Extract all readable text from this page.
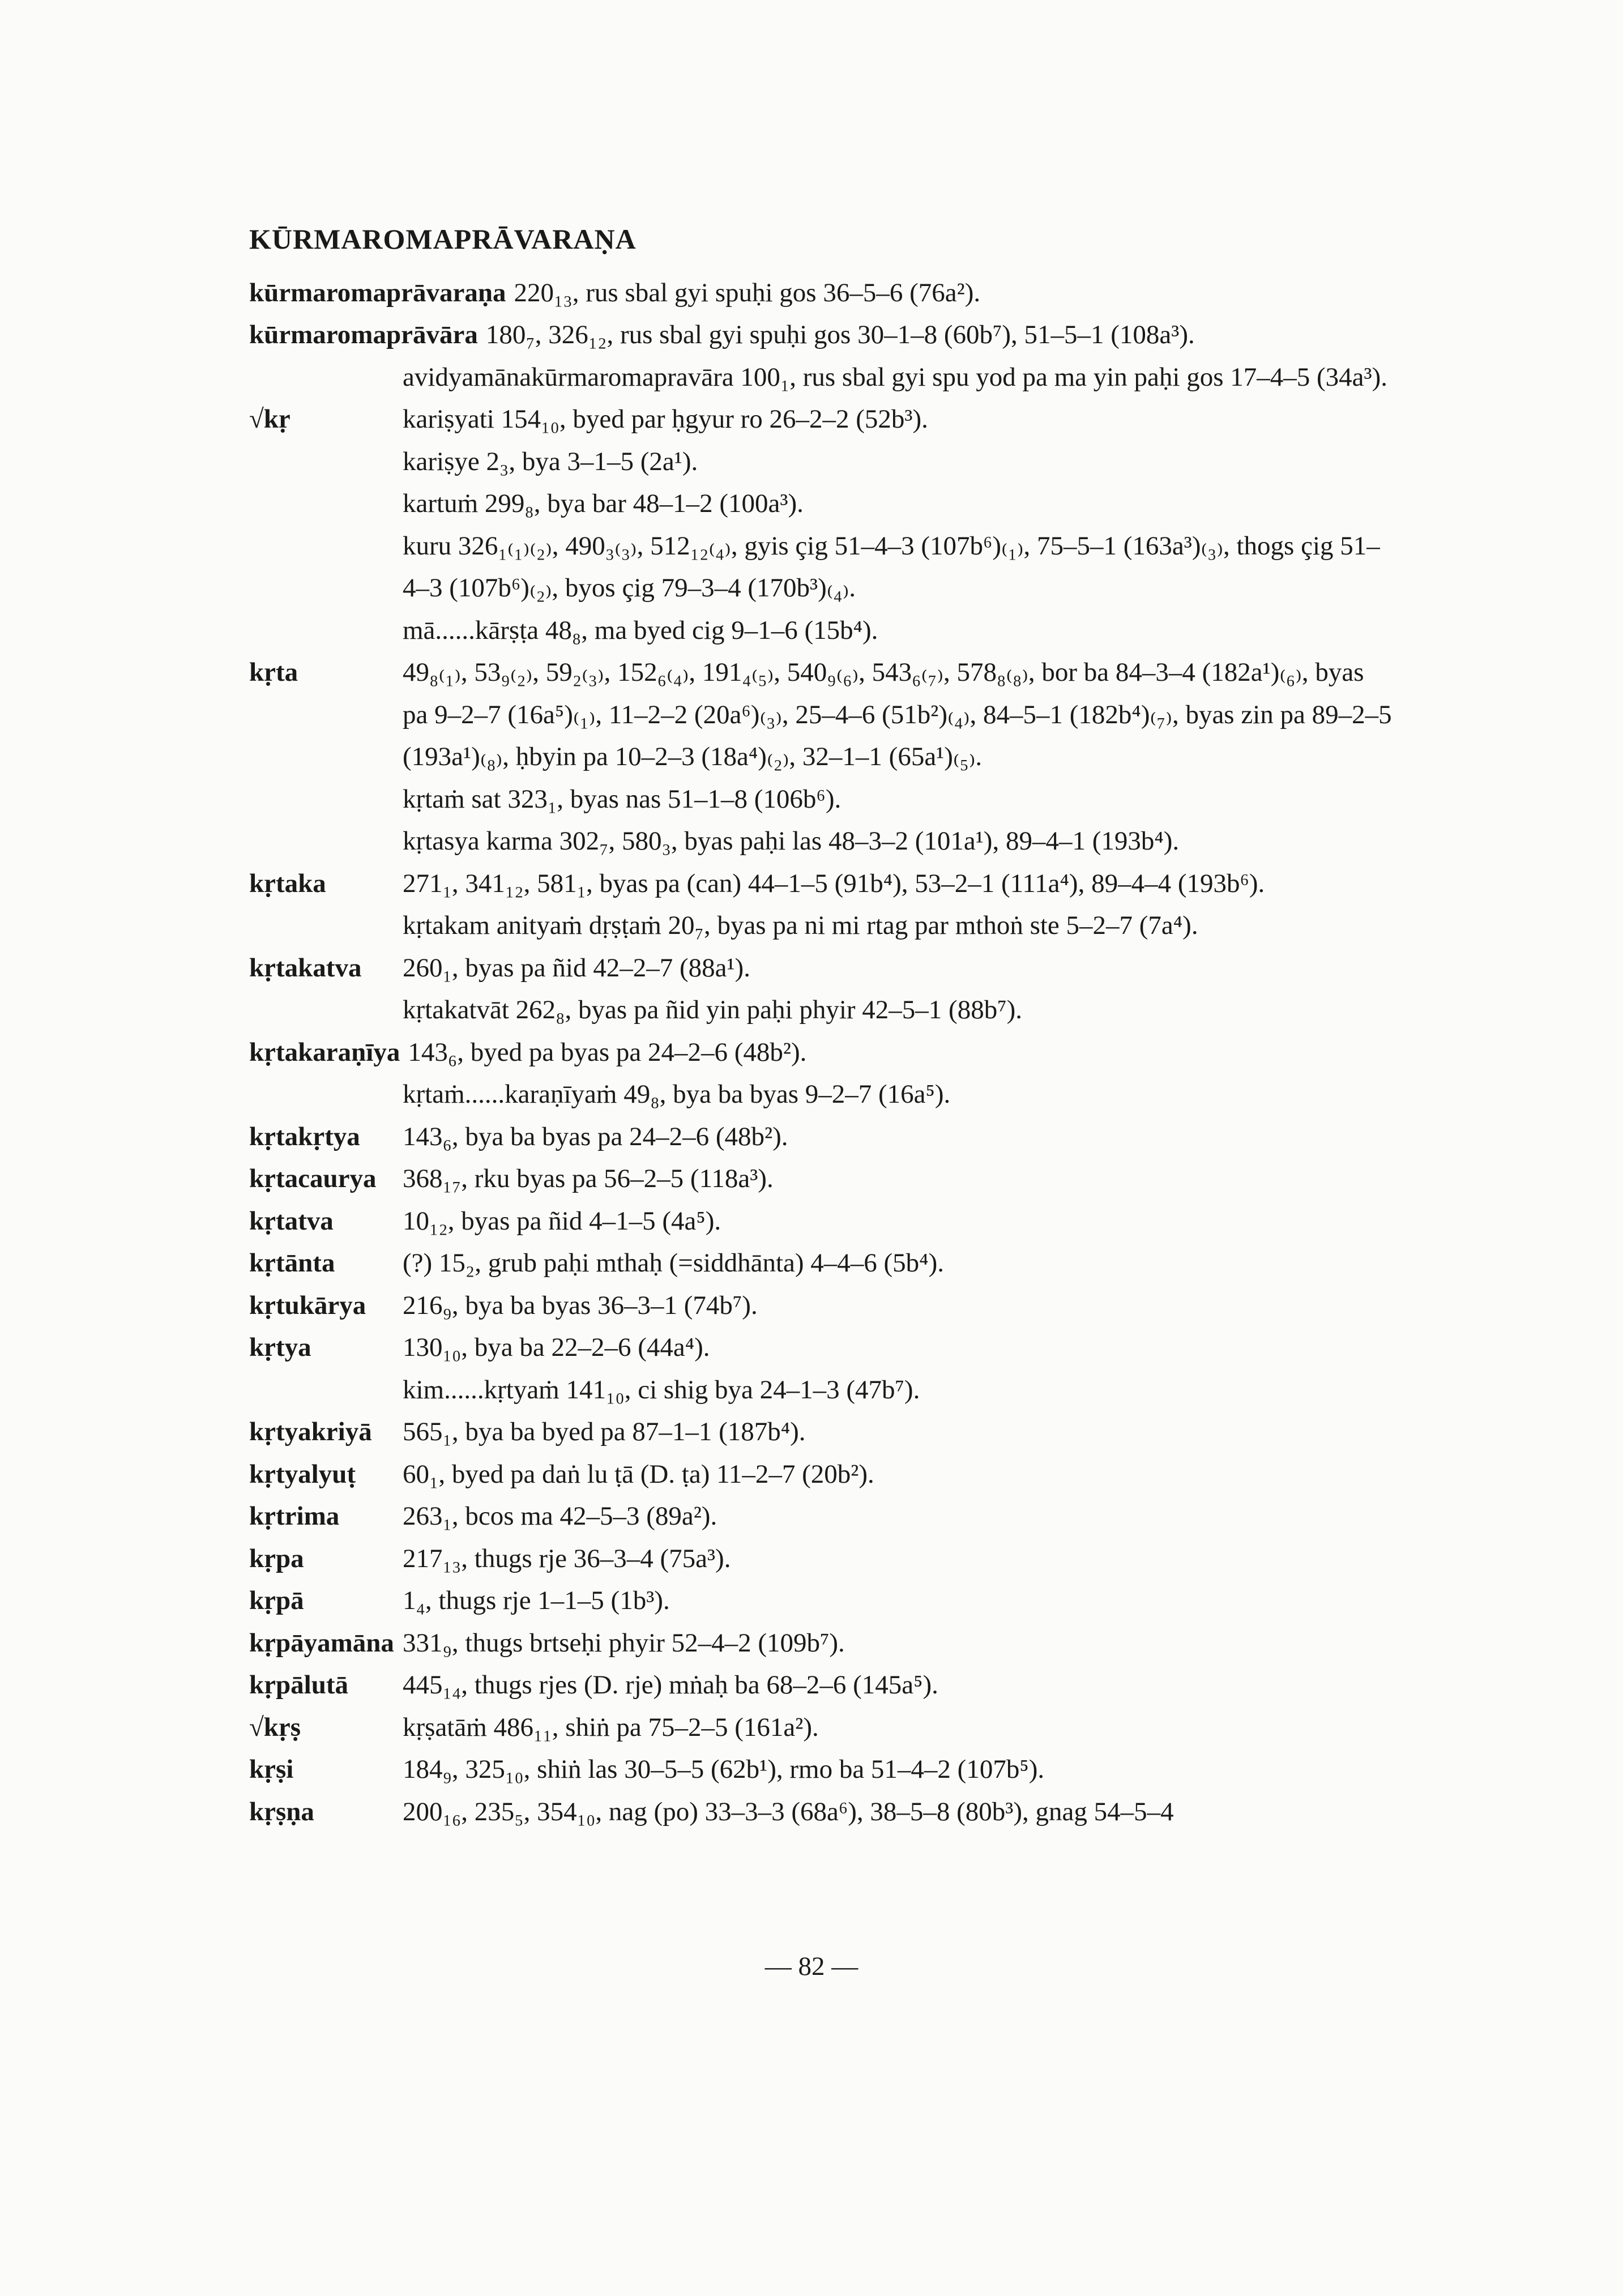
KŪRMAROMAPRĀVARAṆA

kūrmaromaprāvaraṇa 220₁₃, rus sbal gyi spuḥi gos 36–5–6 (76a²).

kūrmaromaprāvāra 180₇, 326₁₂, rus sbal gyi spuḥi gos 30–1–8 (60b⁷), 51–5–1 (108a³).

avidyamānakūrmaromapravāra 100₁, rus sbal gyi spu yod pa ma yin paḥi gos 17–4–5 (34a³).

√kṛ	kariṣyati 154₁₀, byed par ḥgyur ro 26–2–2 (52b³).

kariṣye 2₃, bya 3–1–5 (2a¹).

kartuṁ 299₈, bya bar 48–1–2 (100a³).

kuru 326₁₍₁₎₍₂₎, 490₃₍₃₎, 512₁₂₍₄₎, gyis çig 51–4–3 (107b⁶)₍₁₎, 75–5–1 (163a³)₍₃₎, thogs çig 51–4–3 (107b⁶)₍₂₎, byos çig 79–3–4 (170b³)₍₄₎.

mā......kārṣṭa 48₈, ma byed cig 9–1–6 (15b⁴).

kṛta	49₈₍₁₎, 53₉₍₂₎, 59₂₍₃₎, 152₆₍₄₎, 191₄₍₅₎, 540₉₍₆₎, 543₆₍₇₎, 578₈₍₈₎, bor ba 84–3–4 (182a¹)₍₆₎, byas pa 9–2–7 (16a⁵)₍₁₎, 11–2–2 (20a⁶)₍₃₎, 25–4–6 (51b²)₍₄₎, 84–5–1 (182b⁴)₍₇₎, byas zin pa 89–2–5 (193a¹)₍₈₎, ḥbyin pa 10–2–3 (18a⁴)₍₂₎, 32–1–1 (65a¹)₍₅₎.

kṛtaṁ sat 323₁, byas nas 51–1–8 (106b⁶).

kṛtasya karma 302₇, 580₃, byas paḥi las 48–3–2 (101a¹), 89–4–1 (193b⁴).

kṛtaka	271₁, 341₁₂, 581₁, byas pa (can) 44–1–5 (91b⁴), 53–2–1 (111a⁴), 89–4–4 (193b⁶).

kṛtakam anityaṁ dṛṣṭaṁ 20₇, byas pa ni mi rtag par mthoṅ ste 5–2–7 (7a⁴).

kṛtakatva 260₁, byas pa ñid 42–2–7 (88a¹).

kṛtakatvāt 262₈, byas pa ñid yin paḥi phyir 42–5–1 (88b⁷).

kṛtakaraṇīya 143₆, byed pa byas pa 24–2–6 (48b²).

kṛtaṁ......karaṇīyaṁ 49₈, bya ba byas 9–2–7 (16a⁵).

kṛtakṛtya 143₆, bya ba byas pa 24–2–6 (48b²).

kṛtacaurya 368₁₇, rku byas pa 56–2–5 (118a³).

kṛtatva	10₁₂, byas pa ñid 4–1–5 (4a⁵).

kṛtānta	(?) 15₂, grub paḥi mthaḥ (=siddhānta) 4–4–6 (5b⁴).

kṛtukārya 216₉, bya ba byas 36–3–1 (74b⁷).

kṛtya	130₁₀, bya ba 22–2–6 (44a⁴).

kim......kṛtyaṁ 141₁₀, ci shig bya 24–1–3 (47b⁷).

kṛtyakriyā 565₁, bya ba byed pa 87–1–1 (187b⁴).

kṛtyalyuṭ 60₁, byed pa daṅ lu ṭā (D. ṭa) 11–2–7 (20b²).

kṛtrima 263₁, bcos ma 42–5–3 (89a²).

kṛpa	217₁₃, thugs rje 36–3–4 (75a³).

kṛpā	1₄, thugs rje 1–1–5 (1b³).

kṛpāyamāna 331₉, thugs brtseḥi phyir 52–4–2 (109b⁷).

kṛpālutā 445₁₄, thugs rjes (D. rje) mṅaḥ ba 68–2–6 (145a⁵).

√kṛṣ	kṛṣatāṁ 486₁₁, shiṅ pa 75–2–5 (161a²).

kṛṣi	184₉, 325₁₀, shiṅ las 30–5–5 (62b¹), rmo ba 51–4–2 (107b⁵).

kṛṣṇa	200₁₆, 235₅, 354₁₀, nag (po) 33–3–3 (68a⁶), 38–5–8 (80b³), gnag 54–5–4

— 82 —
